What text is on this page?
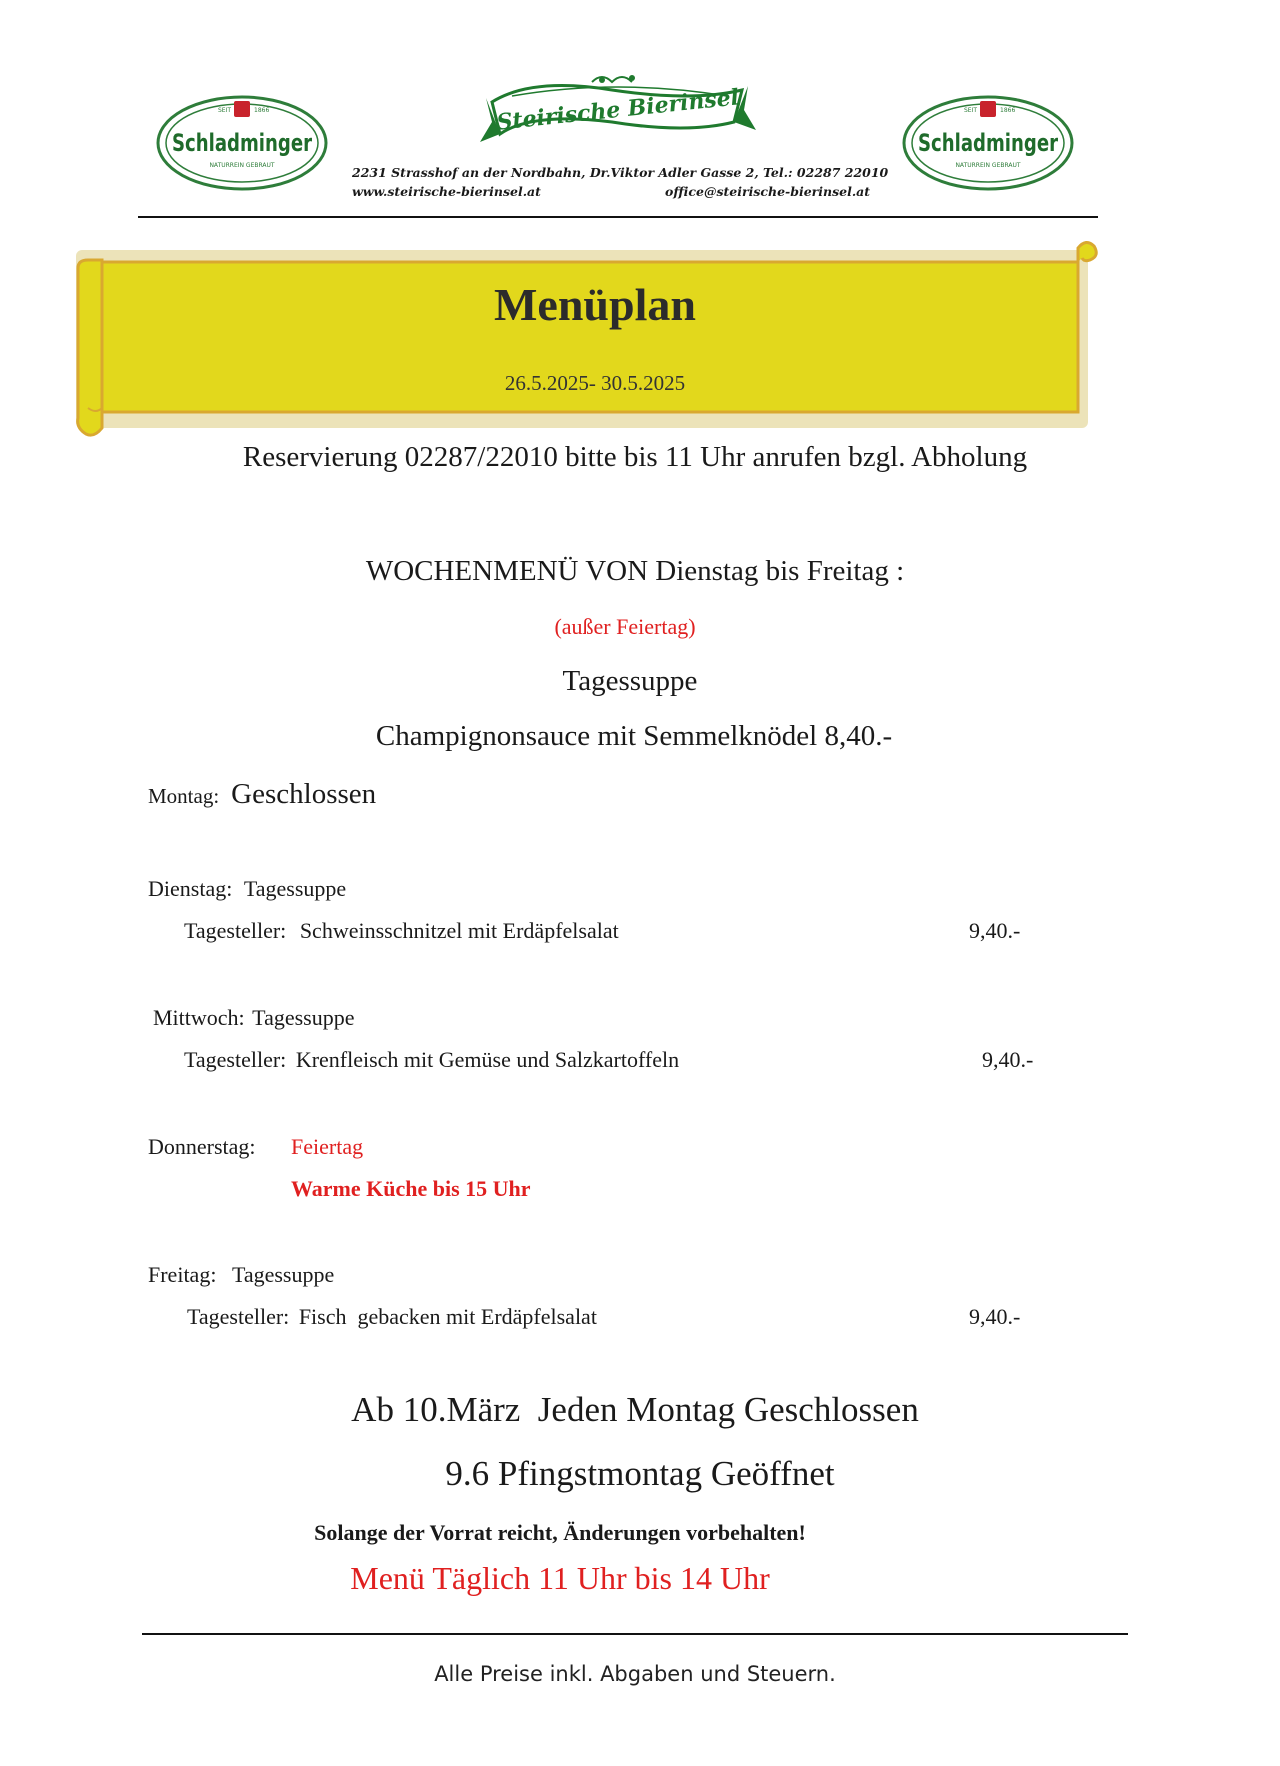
SEIT	1866
Schladminger
NATURREIN GEBRAUT
SEIT	1866
Schladminger
NATURREIN GEBRAUT
Steirische Bierinsel
2231 Strasshof an der Nordbahn, Dr.Viktor Adler Gasse 2, Tel.: 02287 22010
www.steirische-bierinsel.at	office@steirische-bierinsel.at
Menüplan
26.5.2025- 30.5.2025
Reservierung 02287/22010 bitte bis 11 Uhr anrufen bzgl. Abholung
WOCHENMENÜ VON Dienstag bis Freitag :
(außer Feiertag)
Tagessuppe
Champignonsauce mit Semmelknödel 8,40.-
Montag: Geschlossen
Dienstag: Tagessuppe
Tagesteller: Schweinsschnitzel mit Erdäpfelsalat	9,40.-
Mittwoch: Tagessuppe
Tagesteller: Krenfleisch mit Gemüse und Salzkartoffeln	9,40.-
Donnerstag: Feiertag
Warme Küche bis 15 Uhr
Freitag: Tagessuppe
Tagesteller: Fisch  gebacken mit Erdäpfelsalat	9,40.-
Ab 10.März  Jeden Montag Geschlossen
9.6 Pfingstmontag Geöffnet
Solange der Vorrat reicht, Änderungen vorbehalten!
Menü Täglich 11 Uhr bis 14 Uhr
Alle Preise inkl. Abgaben und Steuern.
